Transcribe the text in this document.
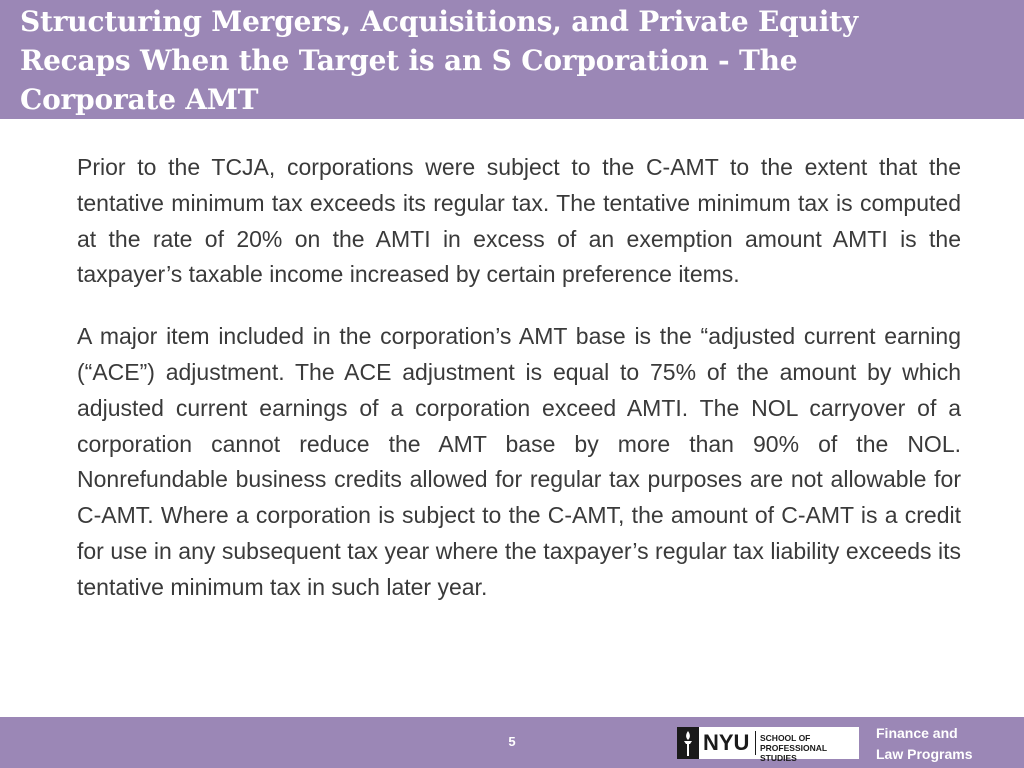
Structuring Mergers, Acquisitions, and Private Equity
Recaps When the Target is an S Corporation - The
Corporate AMT

Prior to the TCJA, corporations were subject to the C-AMT to the extent that the tentative minimum tax exceeds its regular tax. The tentative minimum tax is computed at the rate of 20% on the AMTI in excess of an exemption amount AMTI is the taxpayer’s taxable income increased by certain preference items.

A major item included in the corporation’s AMT base is the “adjusted current earning (“ACE”) adjustment. The ACE adjustment is equal to 75% of the amount by which adjusted current earnings of a corporation exceed AMTI. The NOL carryover of a corporation cannot reduce the AMT base by more than 90% of the NOL. Nonrefundable business credits allowed for regular tax purposes are not allowable for C-AMT. Where a corporation is subject to the C-AMT, the amount of C-AMT is a credit for use in any subsequent tax year where the taxpayer’s regular tax liability exceeds its tentative minimum tax in such later year.

5	NYU SCHOOL OF
PROFESSIONAL STUDIES
Finance and
Law Programs
